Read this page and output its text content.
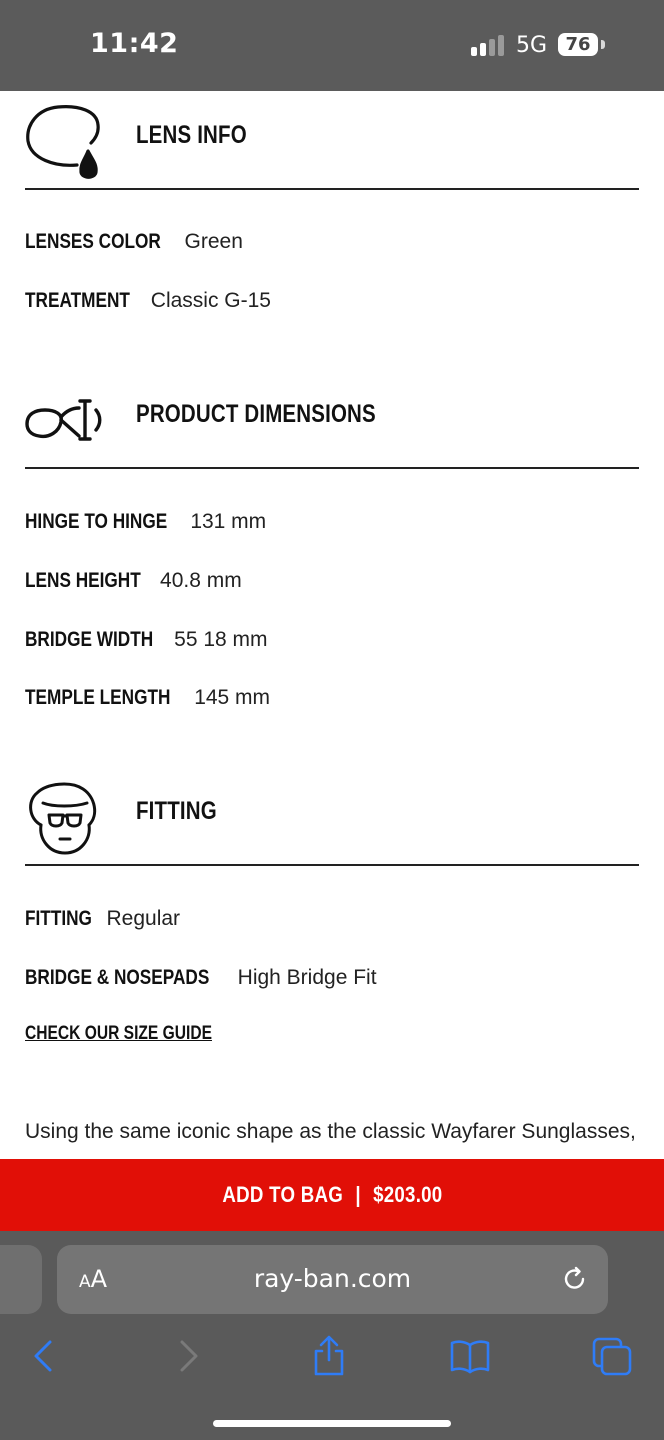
11:42	5G	76
LENS INFO
LENSES COLOR Green
TREATMENT Classic G-15
PRODUCT DIMENSIONS
HINGE TO HINGE 131 mm
LENS HEIGHT 40.8 mm
BRIDGE WIDTH 55 18 mm
TEMPLE LENGTH 145 mm
FITTING
FITTING Regular
BRIDGE & NOSEPADS High Bridge Fit
CHECK OUR SIZE GUIDE

Using the same iconic shape as the classic Wayfarer Sunglasses,

ADD TO BAG | $203.00
AA	ray-ban.com
